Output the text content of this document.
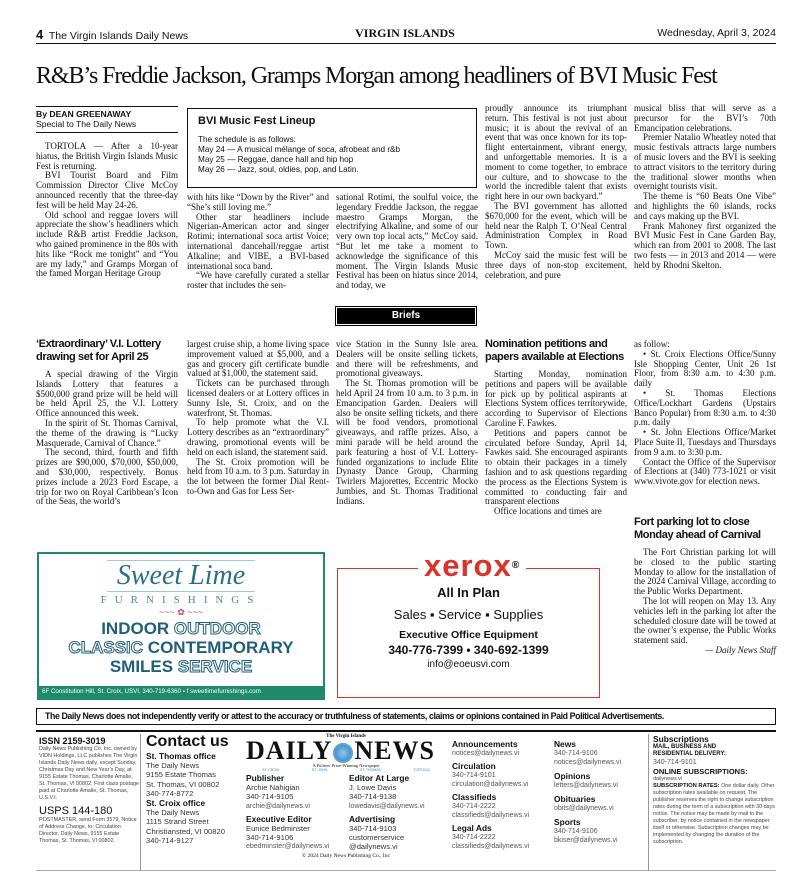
4 The Virgin Islands Daily News	VIRGIN ISLANDS	Wednesday, April 3, 2024
R&B’s Freddie Jackson, Gramps Morgan among headliners of BVI Music Fest
By DEAN GREENAWAY
Special to The Daily News

TORTOLA — After a 10-year hiatus, the British Virgin Islands Music Fest is returning.

BVI Tourist Board and Film Commission Director Clive McCoy announced recently that the three-day fest will be held May 24-26.

Old school and reggae lovers will appreciate the show’s headliners which include R&B artist Freddie Jackson, who gained prominence in the 80s with hits like “Rock me tonight” and “You are my lady,” and Gramps Morgan of the famed Morgan Heritage Group

BVI Music Fest Lineup
The schedule is as follows:
May 24 — A musical mélange of soca, afrobeat and r&b
May 25 — Reggae, dance hall and hip hop
May 26 — Jazz, soul, oldies, pop, and Latin.

with hits like “Down by the River” and “She’s still loving me.”

Other star headliners include Nigerian-American actor and singer Rotimi; international soca artist Voice; international dancehall/reggae artist Alkaline; and VIBE, a BVI-based international soca band.

“We have carefully curated a stellar roster that includes the sen-

sational Rotimi, the soulful voice, the legendary Freddie Jackson, the reggae maestro Gramps Morgan, the electrifying Alkaline, and some of our very own top local acts,” McCoy said. “But let me take a moment to acknowledge the significance of this moment. The Virgin Islands Music Festival has been on hiatus since 2014, and today, we

proudly announce its triumphant return. This festival is not just about music; it is about the revival of an event that was once known for its top-flight entertainment, vibrant energy, and unforgettable memories. It is a moment to come together, to embrace our culture, and to showcase to the world the incredible talent that exists right here in our own backyard.”

The BVI government has allotted $670,000 for the event, which will be held near the Ralph T. O’Neal Central Administration Complex in Road Town.

McCoy said the music fest will be three days of non-stop excitement, celebration, and pure

musical bliss that will serve as a precursor for the BVI’s 70th Emancipation celebrations.

Premier Natalio Wheatley noted that music festivals attracts large numbers of music lovers and the BVI is seeking to attract visitors to the territory during the traditional slower months when overnight tourists visit.

The theme is “60 Beats One Vibe” and highlights the 60 islands, rocks and cays making up the BVI.

Frank Mahoney first organized the BVI Music Fest in Cane Garden Bay, which ran from 2001 to 2008. The last two fests — in 2013 and 2014 — were held by Rhodni Skelton.

Briefs
‘Extraordinary’ V.I. Lottery drawing set for April 25

A special drawing of the Virgin Islands Lottery that features a $500,000 grand prize will be held will be held April 25, the V.I. Lottery Office announced this week.

In the spirit of St. Thomas Carnival, the theme of the drawing is “Lucky Masquerade, Carnival of Chance.”

The second, third, fourth and fifth prizes are $90,000, $70,000, $50,000, and $30,000, respectively. Bonus prizes include a 2023 Ford Escape, a trip for two on Royal Caribbean’s Icon of the Seas, the world’s

largest cruise ship, a home living space improvement valued at $5,000, and a gas and grocery gift certificate bundle valued at $1,000, the statement said.

Tickets can be purchased through licensed dealers or at Lottery offices in Sunny Isle, St. Croix, and on the waterfront, St. Thomas.

To help promote what the V.I. Lottery describes as an “extraordinary” drawing, promotional events will be held on each island, the statement said.

The St. Croix promotion will be held from 10 a.m. to 3 p.m. Saturday in the lot between the former Dial Rent-to-Own and Gas for Less Ser-

vice Station in the Sunny Isle area. Dealers will be onsite selling tickets, and there will be refreshments, and promotional giveaways.

The St. Thomas promotion will be held April 24 from 10 a.m. to 3 p.m. in Emancipation Garden. Dealers will also be onsite selling tickets, and there will be food vendors, promotional giveaways, and raffle prizes. Also, a mini parade will be held around the park featuring a host of V.I. Lottery-funded organizations to include Elite Dynasty Dance Group, Charming Twirlers Majorettes, Eccentric Mocko Jumbies, and St. Thomas Traditional Indians.

Nomination petitions and papers available at Elections

Starting Monday, nomination petitions and papers will be available for pick up by political aspirants at Elections System offices territorywide, according to Supervisor of Elections Caroline F. Fawkes.

Petitions and papers cannot be circulated before Sunday, April 14, Fawkes said. She encouraged aspirants to obtain their packages in a timely fashion and to ask questions regarding the process as the Elections System is committed to conducting fair and transparent elections

Office locations and times are

as follow:

• St. Croix Elections Office/Sunny Isle Shopping Center, Unit 26 1st Floor, from 8:30 a.m. to 4:30 p.m. daily

• St. Thomas Elections Office/Lockhart Gardens (Upstairs Banco Popular) from 8:30 a.m. to 4:30 p.m. daily

• St. John Elections Office/Market Place Suite II, Tuesdays and Thursdays from 9 a.m. to 3:30 p.m.

Contact the Office of the Supervisor of Elections at (340) 773-1021 or visit www.vivote.gov for election news.

Fort parking lot to close Monday ahead of Carnival

The Fort Christian parking lot will be closed to the public starting Monday to allow for the installation of the 2024 Carnival Village, according to the Public Works Department.

The lot will reopen on May 13. Any vehicles left in the parking lot after the scheduled closure date will be towed at the owner’s expense, the Public Works statement said.

— Daily News Staff
Sweet Lime
FURNISHINGS
~~~ ✿ ~~~
INDOOR OUTDOOR
CLASSIC CONTEMPORARY
SMILES SERVICE
6F Constitution Hill, St. Croix, USVI, 340-719-6360 ▪ f sweetlimefurnishings.com
xerox®
All In Plan
Sales ▪ Service ▪ Supplies
Executive Office Equipment
340-776-7399 • 340-692-1399
info@eoeusvi.com
The Daily News does not independently verify or attest to the accuracy or truthfulness of statements, claims or opinions contained in Paid Political Advertisements.
ISSN 2159-3019
Daily News Publishing Co. Inc. owned by VIDN Holdings, LLC publishes The Virgin Islands Daily News daily, except Sunday, Christmas Day and New Year’s Day, at 9155 Estate Thomas, Charlotte Amalie, St. Thomas, VI 00802. First class postage paid at Charlotte Amalie, St. Thomas, U.S.V.I.
USPS 144-180
POSTMASTER, send Form 3579, Notice of Address Change, to: Circulation Director, Daily News, 9155 Estate Thomas, St. Thomas, VI 00802.
Contact us
St. Thomas office
The Daily News
9155 Estate Thomas
St. Thomas, VI 00802
340-774-8772
St. Croix office
The Daily News
1115 Strand Street
Christiansted, VI 00820
340-714-9127
The Virgin Islands
DAILY NEWS
A Pulitzer Prize-Winning Newspaper
ST. CROIX	ST. JOHN	ST. THOMAS	TORTOLA
Publisher
Archie Nahigian
340-714-9105
archie@dailynews.vi
Executive Editor
Eunice Bedminster
340-714-9106
ebedminster@dailynews.vi
Editor At Large
J. Lowe Davis
340-714-9138
lowedavis@dailynews.vi
Advertising
340-714-9103
customerservice
@dailynews.vi
© 2024 Daily News Publishing Co., Inc
Announcements
notices@dailynews.vi
Circulation
340-714-9101
circulation@dailynews.vi
Classifieds
340-714-2222
classifieds@dailynews.vi
Legal Ads
340-714-2222
classifieds@dailynews.vi
News
340-714-9106
notices@dailynews.vi
Opinions
letters@dailynews.vi
Obituaries
obits@dailynews.vi
Sports
340-714-9106
bkiser@dailynews.vi
Subscriptions
MAIL, BUSINESS AND
RESIDENTIAL DELIVERY:
340-714-9101
ONLINE SUBSCRIPTIONS:
dailynews.vi
SUBSCRIPTION RATES: One dollar daily. Other subscription rates available on request. The publisher reserves the right to change subscription rates during the term of a subscription with 30 days notice. The notice may be made by mail to the subscriber, by notice contained in the newspaper itself or otherwise. Subscription changes may be implemented by changing the duration of the subscription.
